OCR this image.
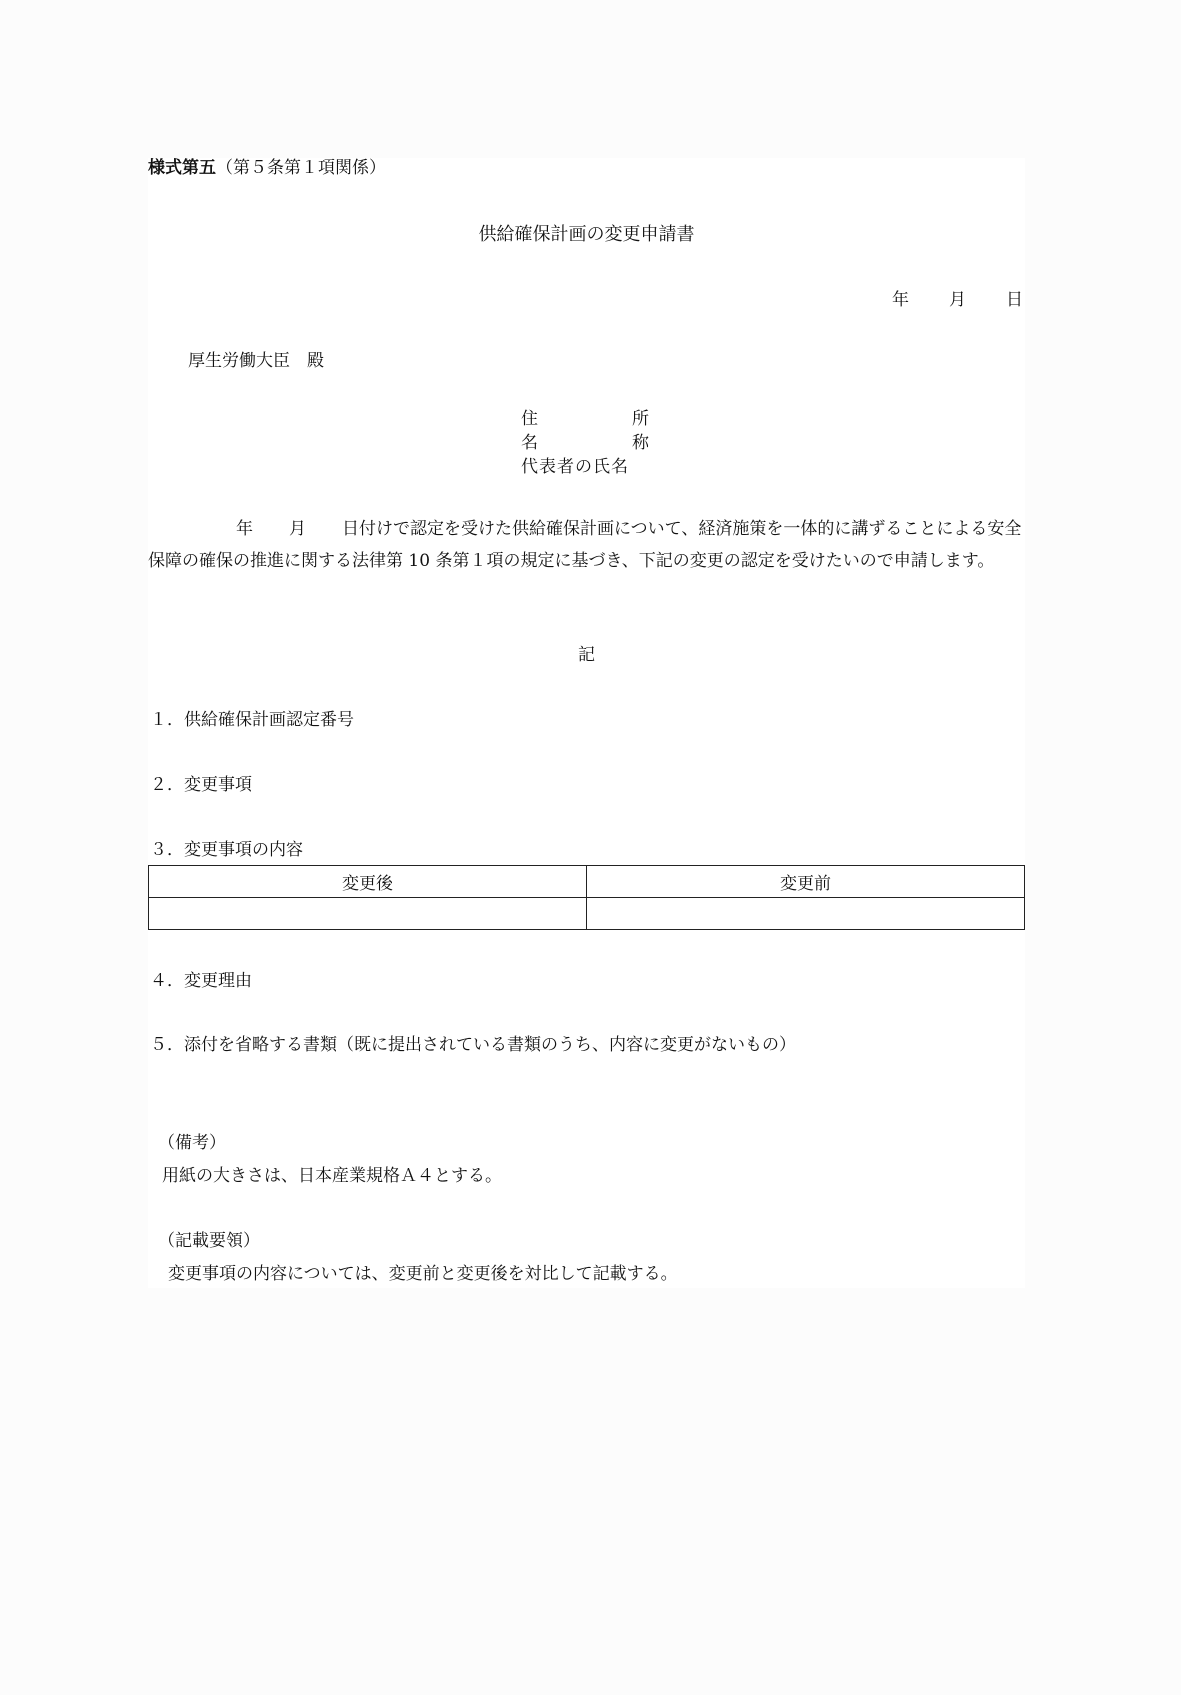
様式第五（第５条第１項関係）
供給確保計画の変更申請書
年 月 日
厚生労働大臣　殿
住	所
名	称
代表者の氏名
年 月 日付けで認定を受けた供給確保計画について、経済施策を一体的に講ずることによる安全保障の確保の推進に関する法律第 10 条第１項の規定に基づき、下記の変更の認定を受けたいので申請します。
記
１．供給確保計画認定番号
２．変更事項
３．変更事項の内容
変更後	変更前

４．変更理由
５．添付を省略する書類（既に提出されている書類のうち、内容に変更がないもの）
（備考）
用紙の大きさは、日本産業規格Ａ４とする。
（記載要領）
変更事項の内容については、変更前と変更後を対比して記載する。
